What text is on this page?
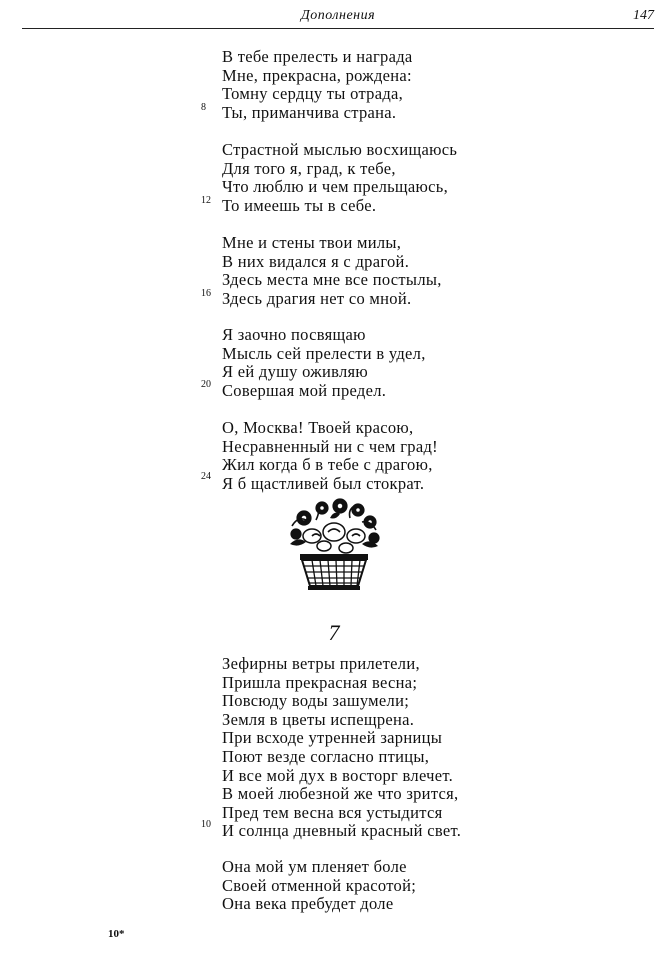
Дополнения	147
В тебе прелесть и награда
Мне, прекрасна, рождена:
Томну сердцу ты отрада,
Ты, приманчива страна.
8
Страстной мыслью восхищаюсь
Для того я, град, к тебе,
Что люблю и чем прельщаюсь,
То имеешь ты в себе.
12
Мне и стены твои милы,
В них видался я с драгой.
Здесь места мне все постылы,
Здесь драгия нет со мной.
16
Я заочно посвящаю
Мысль сей прелести в удел,
Я ей душу оживляю
Совершая мой предел.
20
О, Москва! Твоей красою,
Несравненный ни с чем град!
Жил когда б в тебе с драгою,
Я б щастливей был стократ.
24
7
Зефирны ветры прилетели,
Пришла прекрасная весна;
Повсюду воды зашумели;
Земля в цветы испещрена.
При всходе утренней зарницы
Поют везде согласно птицы,
И все мой дух в восторг влечет.
В моей любезной же что зрится,
Пред тем весна вся устыдится
И солнца дневный красный свет.
10
Она мой ум пленяет боле
Своей отменной красотой;
Она века пребудет доле
10*
